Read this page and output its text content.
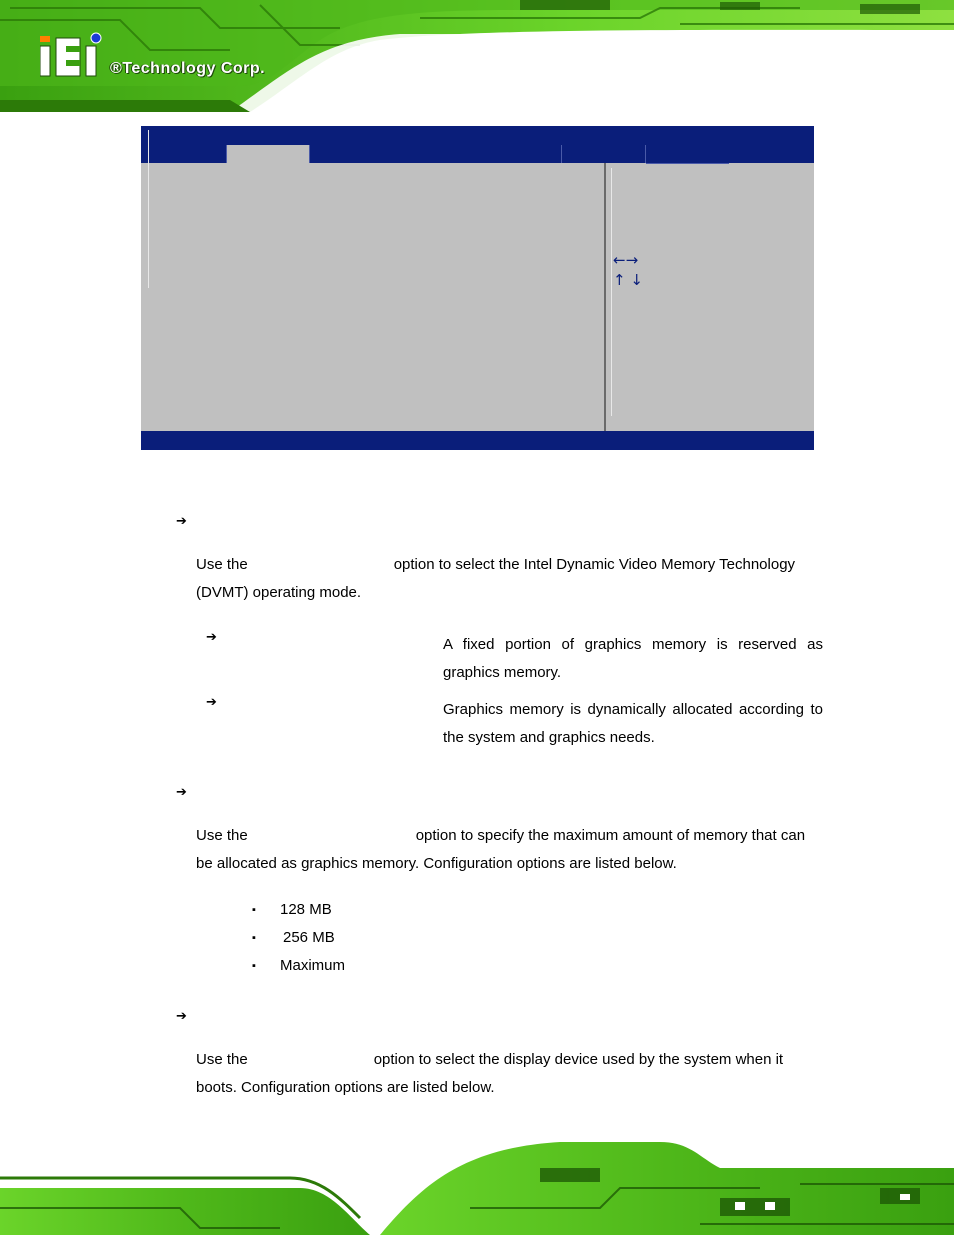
®Technology Corp.
←→
↑ ↓
➔

Use the	option to select the Intel Dynamic Video Memory Technology (DVMT) operating mode.

➔	A fixed portion of graphics memory is reserved as graphics memory.

➔	Graphics memory is dynamically allocated according to the system and graphics needs.

➔

Use the	option to specify the maximum amount of memory that can be allocated as graphics memory. Configuration options are listed below.

▪ 128 MB
▪ 256 MB
▪ Maximum
➔

Use the	option to select the display device used by the system when it boots. Configuration options are listed below.
